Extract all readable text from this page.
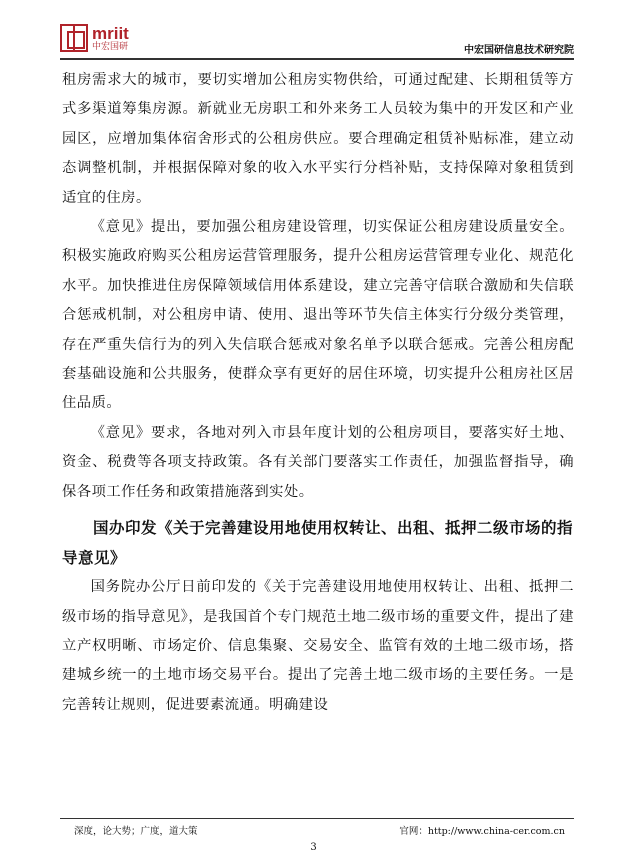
mriit
中宏国研	中宏国研信息技术研究院

租房需求大的城市，要切实增加公租房实物供给，可通过配建、长期租赁等方式多渠道筹集房源。新就业无房职工和外来务工人员较为集中的开发区和产业园区，应增加集体宿舍形式的公租房供应。要合理确定租赁补贴标准，建立动态调整机制，并根据保障对象的收入水平实行分档补贴，支持保障对象租赁到适宜的住房。

《意见》提出，要加强公租房建设管理，切实保证公租房建设质量安全。积极实施政府购买公租房运营管理服务，提升公租房运营管理专业化、规范化水平。加快推进住房保障领域信用体系建设，建立完善守信联合激励和失信联合惩戒机制，对公租房申请、使用、退出等环节失信主体实行分级分类管理，存在严重失信行为的列入失信联合惩戒对象名单予以联合惩戒。完善公租房配套基础设施和公共服务，使群众享有更好的居住环境，切实提升公租房社区居住品质。

《意见》要求，各地对列入市县年度计划的公租房项目，要落实好土地、资金、税费等各项支持政策。各有关部门要落实工作责任，加强监督指导，确保各项工作任务和政策措施落到实处。

国办印发《关于完善建设用地使用权转让、出租、抵押二级市场的指导意见》

国务院办公厅日前印发的《关于完善建设用地使用权转让、出租、抵押二级市场的指导意见》，是我国首个专门规范土地二级市场的重要文件，提出了建立产权明晰、市场定价、信息集聚、交易安全、监管有效的土地二级市场，搭建城乡统一的土地市场交易平台。提出了完善土地二级市场的主要任务。一是完善转让规则，促进要素流通。明确建设

深度，论大势；广度，道大策	官网：http://www.china-cer.com.cn
3
